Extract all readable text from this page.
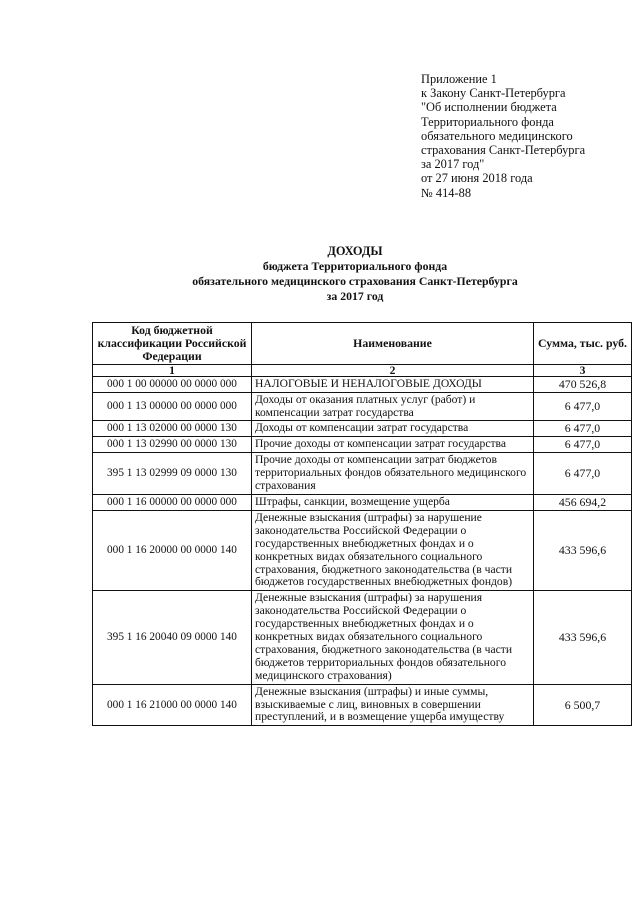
Приложение 1
к Закону Санкт-Петербурга
"Об исполнении бюджета
Территориального фонда
обязательного медицинского
страхования Санкт-Петербурга
за 2017 год"
от 27 июня 2018 года
№ 414-88
ДОХОДЫ
бюджета Территориального фонда
обязательного медицинского страхования Санкт-Петербурга
за 2017 год
Код бюджетной классификации Российской Федерации	Наименование	Сумма, тыс. руб.
1	2	3
000 1 00 00000 00 0000 000	НАЛОГОВЫЕ И НЕНАЛОГОВЫЕ ДОХОДЫ	470 526,8
000 1 13 00000 00 0000 000	Доходы от оказания платных услуг (работ) и компенсации затрат государства	6 477,0
000 1 13 02000 00 0000 130	Доходы от компенсации затрат государства	6 477,0
000 1 13 02990 00 0000 130	Прочие доходы от компенсации затрат государства	6 477,0
395 1 13 02999 09 0000 130	Прочие доходы от компенсации затрат бюджетов территориальных фондов обязательного медицинского страхования	6 477,0
000 1 16 00000 00 0000 000	Штрафы, санкции, возмещение ущерба	456 694,2
000 1 16 20000 00 0000 140	Денежные взыскания (штрафы) за нарушение законодательства Российской Федерации о государственных внебюджетных фондах и о конкретных видах обязательного социального страхования, бюджетного законодательства (в части бюджетов государственных внебюджетных фондов)	433 596,6
395 1 16 20040 09 0000 140	Денежные взыскания (штрафы) за нарушения законодательства Российской Федерации о государственных внебюджетных фондах и о конкретных видах обязательного социального страхования, бюджетного законодательства (в части бюджетов территориальных фондов обязательного медицинского страхования)	433 596,6
000 1 16 21000 00 0000 140	Денежные взыскания (штрафы) и иные суммы, взыскиваемые с лиц, виновных в совершении преступлений, и в возмещение ущерба имуществу	6 500,7
